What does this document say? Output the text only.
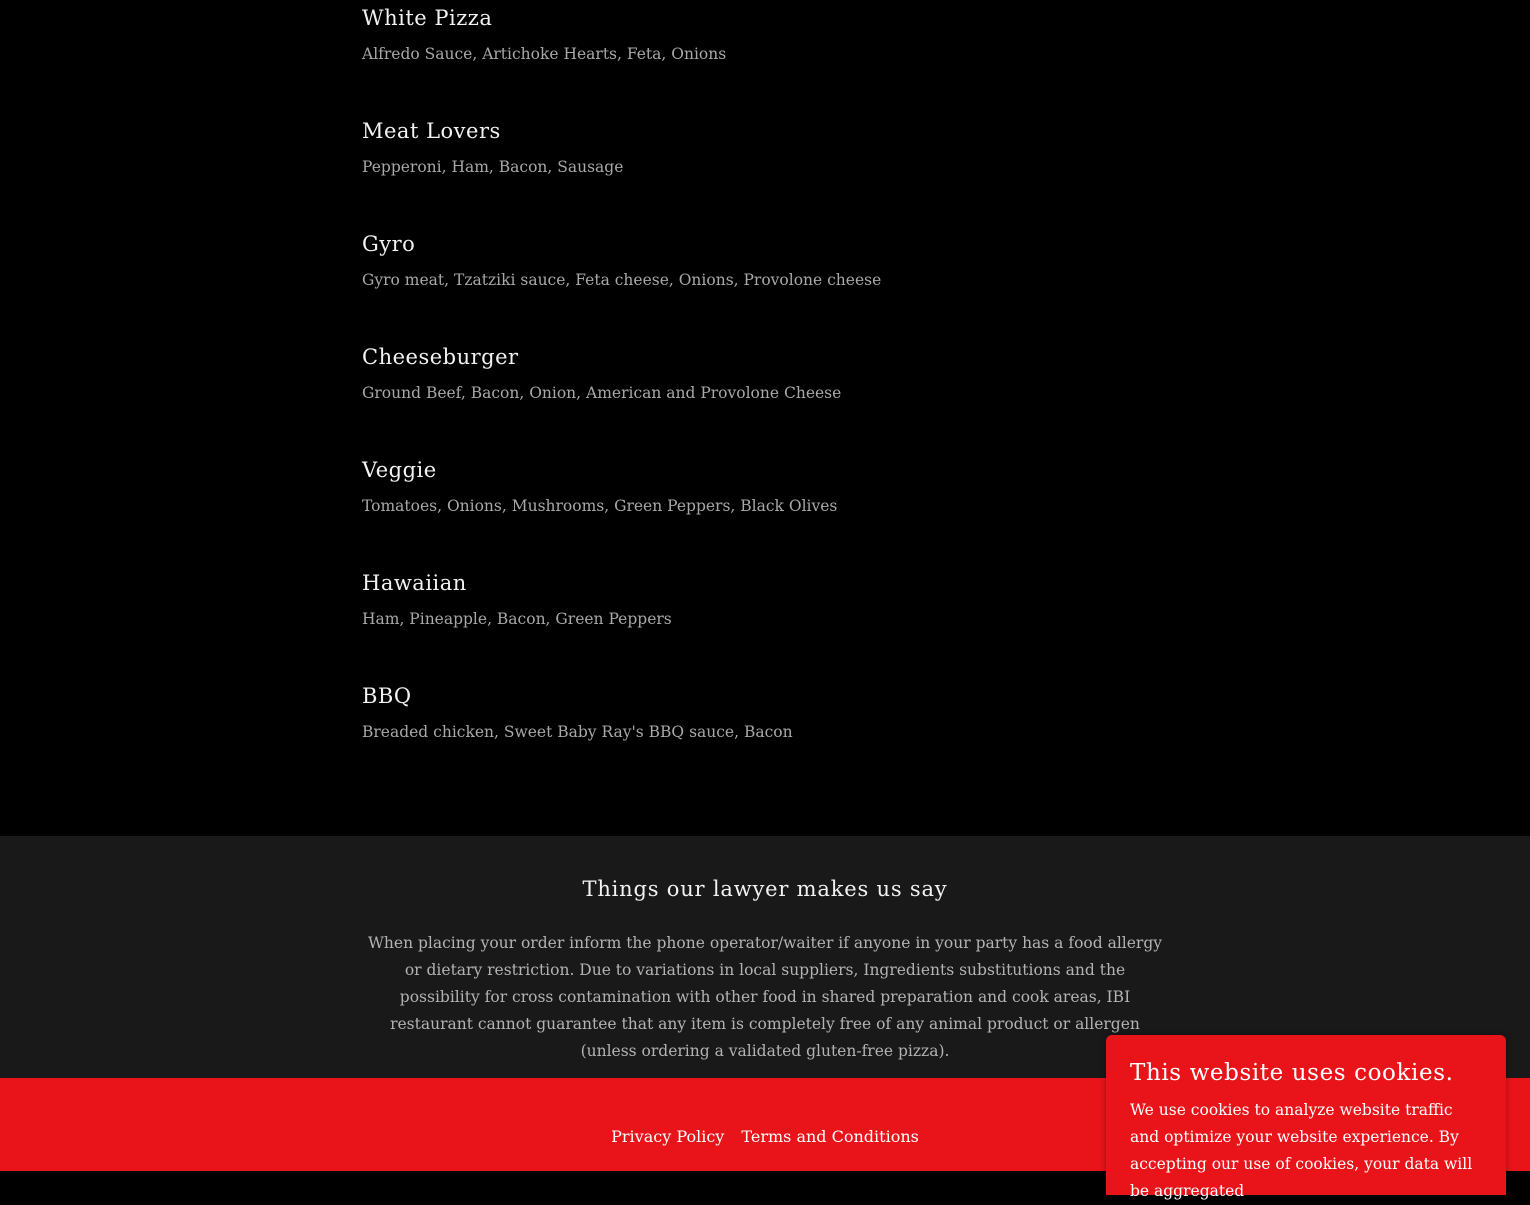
White Pizza

Alfredo Sauce, Artichoke Hearts, Feta, Onions

Meat Lovers

Pepperoni, Ham, Bacon, Sausage

Gyro

Gyro meat, Tzatziki sauce, Feta cheese, Onions, Provolone cheese

Cheeseburger

Ground Beef, Bacon, Onion, American and Provolone Cheese

Veggie

Tomatoes, Onions, Mushrooms, Green Peppers, Black Olives

Hawaiian

Ham, Pineapple, Bacon, Green Peppers

BBQ

Breaded chicken, Sweet Baby Ray's BBQ sauce, Bacon

Things our lawyer makes us say

When placing your order inform the phone operator/waiter if anyone in your party has a food allergy or dietary restriction. Due to variations in local suppliers, Ingredients substitutions and the possibility for cross contamination with other food in shared preparation and cook areas, IBI restaurant cannot guarantee that any item is completely free of any animal product or allergen (unless ordering a validated gluten-free pizza).

Privacy Policy Terms and Conditions
This website uses cookies.

We use cookies to analyze website traffic and optimize your website experience. By accepting our use of cookies, your data will be aggregated
